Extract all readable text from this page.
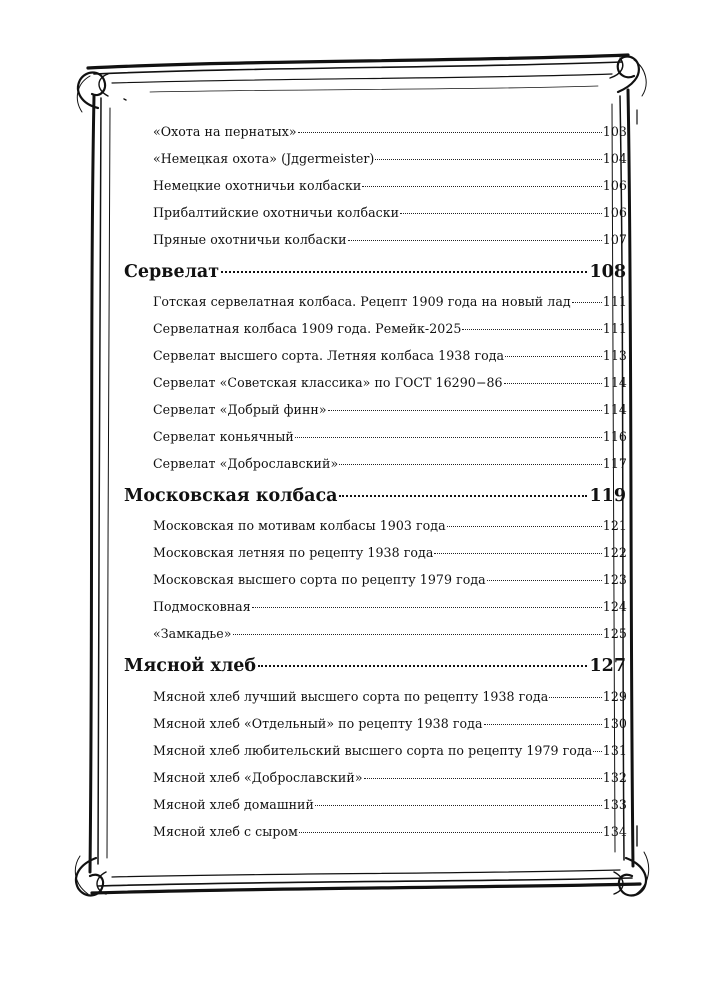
«Охота на пернатых»	103
«Немецкая охота» (Jдgermeister)	104
Немецкие охотничьи колбаски	106
Прибалтийские охотничьи колбаски	106
Пряные охотничьи колбаски	107
Сервелат	108
Готская сервелатная колбаса. Рецепт 1909 года на новый лад	111
Сервелатная колбаса 1909 года. Ремейк-2025	111
Сервелат высшего сорта. Летняя колбаса 1938 года	113
Сервелат «Советская классика» по ГОСТ 16290−86	114
Сервелат «Добрый финн»	114
Сервелат коньячный	116
Сервелат «Доброславский»	117
Московская колбаса	119
Московская по мотивам колбасы 1903 года	121
Московская летняя по рецепту 1938 года	122
Московская высшего сорта по рецепту 1979 года	123
Подмосковная	124
«Замкадье»	125
Мясной хлеб	127
Мясной хлеб лучший высшего сорта по рецепту 1938 года	129
Мясной хлеб «Отдельный» по рецепту 1938 года	130
Мясной хлеб любительский высшего сорта по рецепту 1979 года 131
Мясной хлеб «Доброславский»	132
Мясной хлеб домашний	133
Мясной хлеб с сыром	134
